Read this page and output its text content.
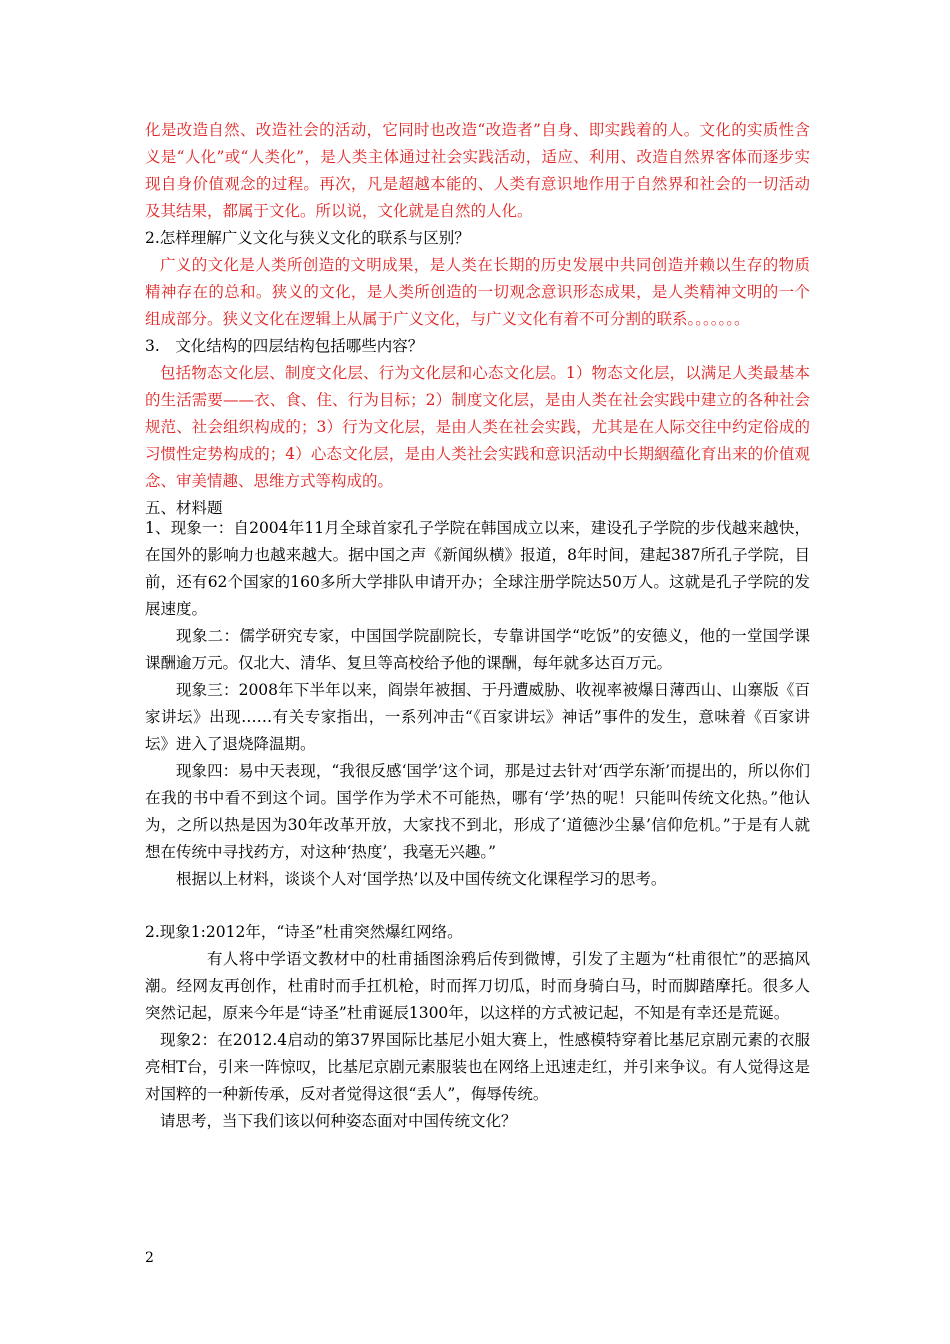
化是改造自然、改造社会的活动，它同时也改造“改造者”自身、即实践着的人。文化的实质性含义是“人化”或“人类化”，是人类主体通过社会实践活动，适应、利用、改造自然界客体而逐步实现自身价值观念的过程。再次，凡是超越本能的、人类有意识地作用于自然界和社会的一切活动及其结果，都属于文化。所以说，文化就是自然的人化。

2.怎样理解广义文化与狭义文化的联系与区别？

广义的文化是人类所创造的文明成果，是人类在长期的历史发展中共同创造并赖以生存的物质精神存在的总和。狭义的文化，是人类所创造的一切观念意识形态成果，是人类精神文明的一个组成部分。狭义文化在逻辑上从属于广义文化，与广义文化有着不可分割的联系。。。。。。。

3.　文化结构的四层结构包括哪些内容？

包括物态文化层、制度文化层、行为文化层和心态文化层。1）物态文化层，以满足人类最基本的生活需要——衣、食、住、行为目标；2）制度文化层，是由人类在社会实践中建立的各种社会规范、社会组织构成的；3）行为文化层，是由人类在社会实践，尤其是在人际交往中约定俗成的习惯性定势构成的；4）心态文化层，是由人类社会实践和意识活动中长期絪蕴化育出来的价值观念、审美情趣、思维方式等构成的。

五、材料题

1、现象一：自2004年11月全球首家孔子学院在韩国成立以来，建设孔子学院的步伐越来越快，在国外的影响力也越来越大。据中国之声《新闻纵横》报道，8年时间，建起387所孔子学院，目前，还有62个国家的160多所大学排队申请开办；全球注册学院达50万人。这就是孔子学院的发展速度。

现象二：儒学研究专家，中国国学院副院长，专靠讲国学“吃饭”的安德义，他的一堂国学课课酬逾万元。仅北大、清华、复旦等高校给予他的课酬，每年就多达百万元。

现象三：2008年下半年以来，阎崇年被掴、于丹遭威胁、收视率被爆日薄西山、山寨版《百家讲坛》出现……有关专家指出，一系列冲击“《百家讲坛》神话”事件的发生，意味着《百家讲坛》进入了退烧降温期。

现象四：易中天表现，“我很反感‘国学’这个词，那是过去针对‘西学东渐’而提出的，所以你们在我的书中看不到这个词。国学作为学术不可能热，哪有‘学’热的呢！只能叫传统文化热。”他认为，之所以热是因为30年改革开放，大家找不到北，形成了‘道德沙尘暴’信仰危机。”于是有人就想在传统中寻找药方，对这种‘热度’，我毫无兴趣。”

根据以上材料，谈谈个人对‘国学热’以及中国传统文化课程学习的思考。

2.现象1:2012年，“诗圣”杜甫突然爆红网络。

有人将中学语文教材中的杜甫插图涂鸦后传到微博，引发了主题为“杜甫很忙”的恶搞风潮。经网友再创作，杜甫时而手扛机枪，时而挥刀切瓜，时而身骑白马，时而脚踏摩托。很多人突然记起，原来今年是“诗圣”杜甫诞辰1300年，以这样的方式被记起，不知是有幸还是荒诞。

现象2：在2012.4启动的第37界国际比基尼小姐大赛上，性感模特穿着比基尼京剧元素的衣服亮相T台，引来一阵惊叹，比基尼京剧元素服装也在网络上迅速走红，并引来争议。有人觉得这是对国粹的一种新传承，反对者觉得这很“丢人”，侮辱传统。

请思考，当下我们该以何种姿态面对中国传统文化？

2
